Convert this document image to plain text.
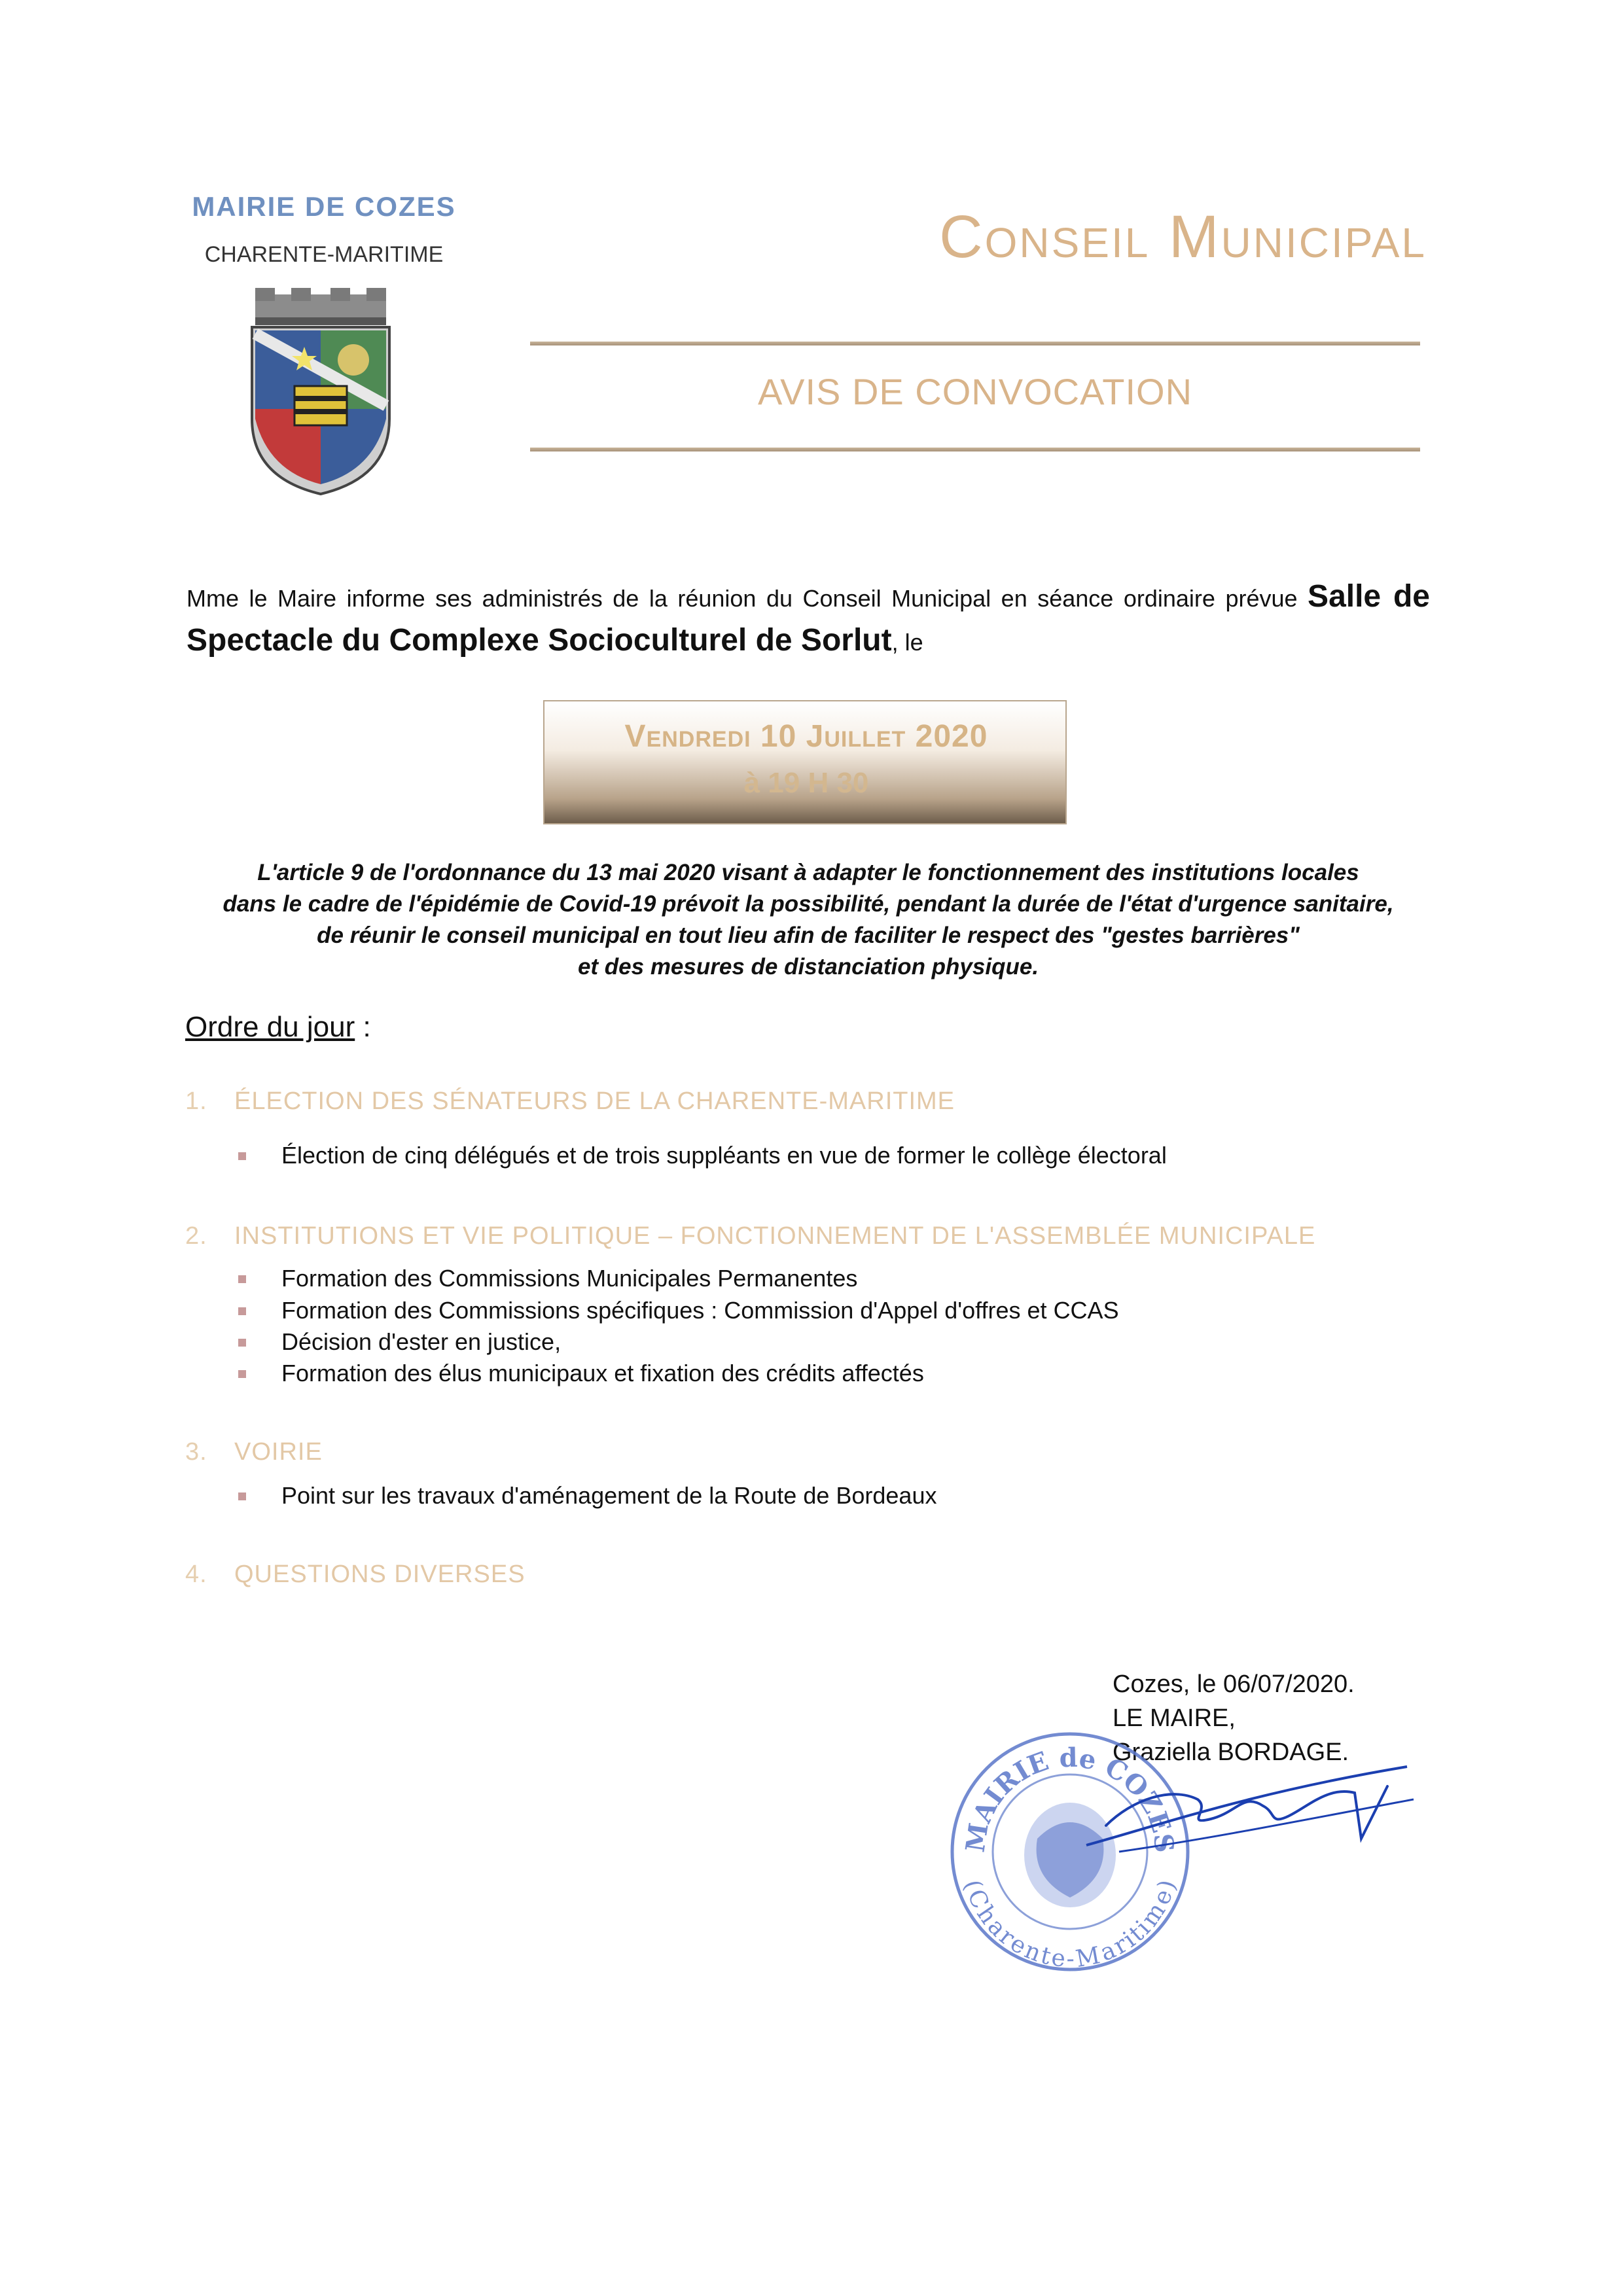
MAIRIE DE COZES
CHARENTE-MARITIME	Conseil Municipal
AVIS DE CONVOCATION
Mme le Maire informe ses administrés de la réunion du Conseil Municipal en séance ordinaire prévue Salle de Spectacle du Complexe Socioculturel de Sorlut, le
Vendredi 10 Juillet 2020
à 19 H 30
L'article 9 de l'ordonnance du 13 mai 2020 visant à adapter le fonctionnement des institutions locales
dans le cadre de l'épidémie de Covid-19 prévoit la possibilité, pendant la durée de l'état d'urgence sanitaire,
de réunir le conseil municipal en tout lieu afin de faciliter le respect des "gestes barrières"
et des mesures de distanciation physique.
Ordre du jour :
1. ÉLECTION DES SÉNATEURS DE LA CHARENTE-MARITIME
Élection de cinq délégués et de trois suppléants en vue de former le collège électoral
2. INSTITUTIONS ET VIE POLITIQUE – FONCTIONNEMENT DE L'ASSEMBLÉE MUNICIPALE
Formation des Commissions Municipales Permanentes
Formation des Commissions spécifiques : Commission d'Appel d'offres et CCAS
Décision d'ester en justice,
Formation des élus municipaux et fixation des crédits affectés
3. VOIRIE
Point sur les travaux d'aménagement de la Route de Bordeaux
4. QUESTIONS DIVERSES
Cozes, le 06/07/2020.
LE MAIRE,
Graziella BORDAGE.
MAIRIE de COZES
(Charente-Maritime)
